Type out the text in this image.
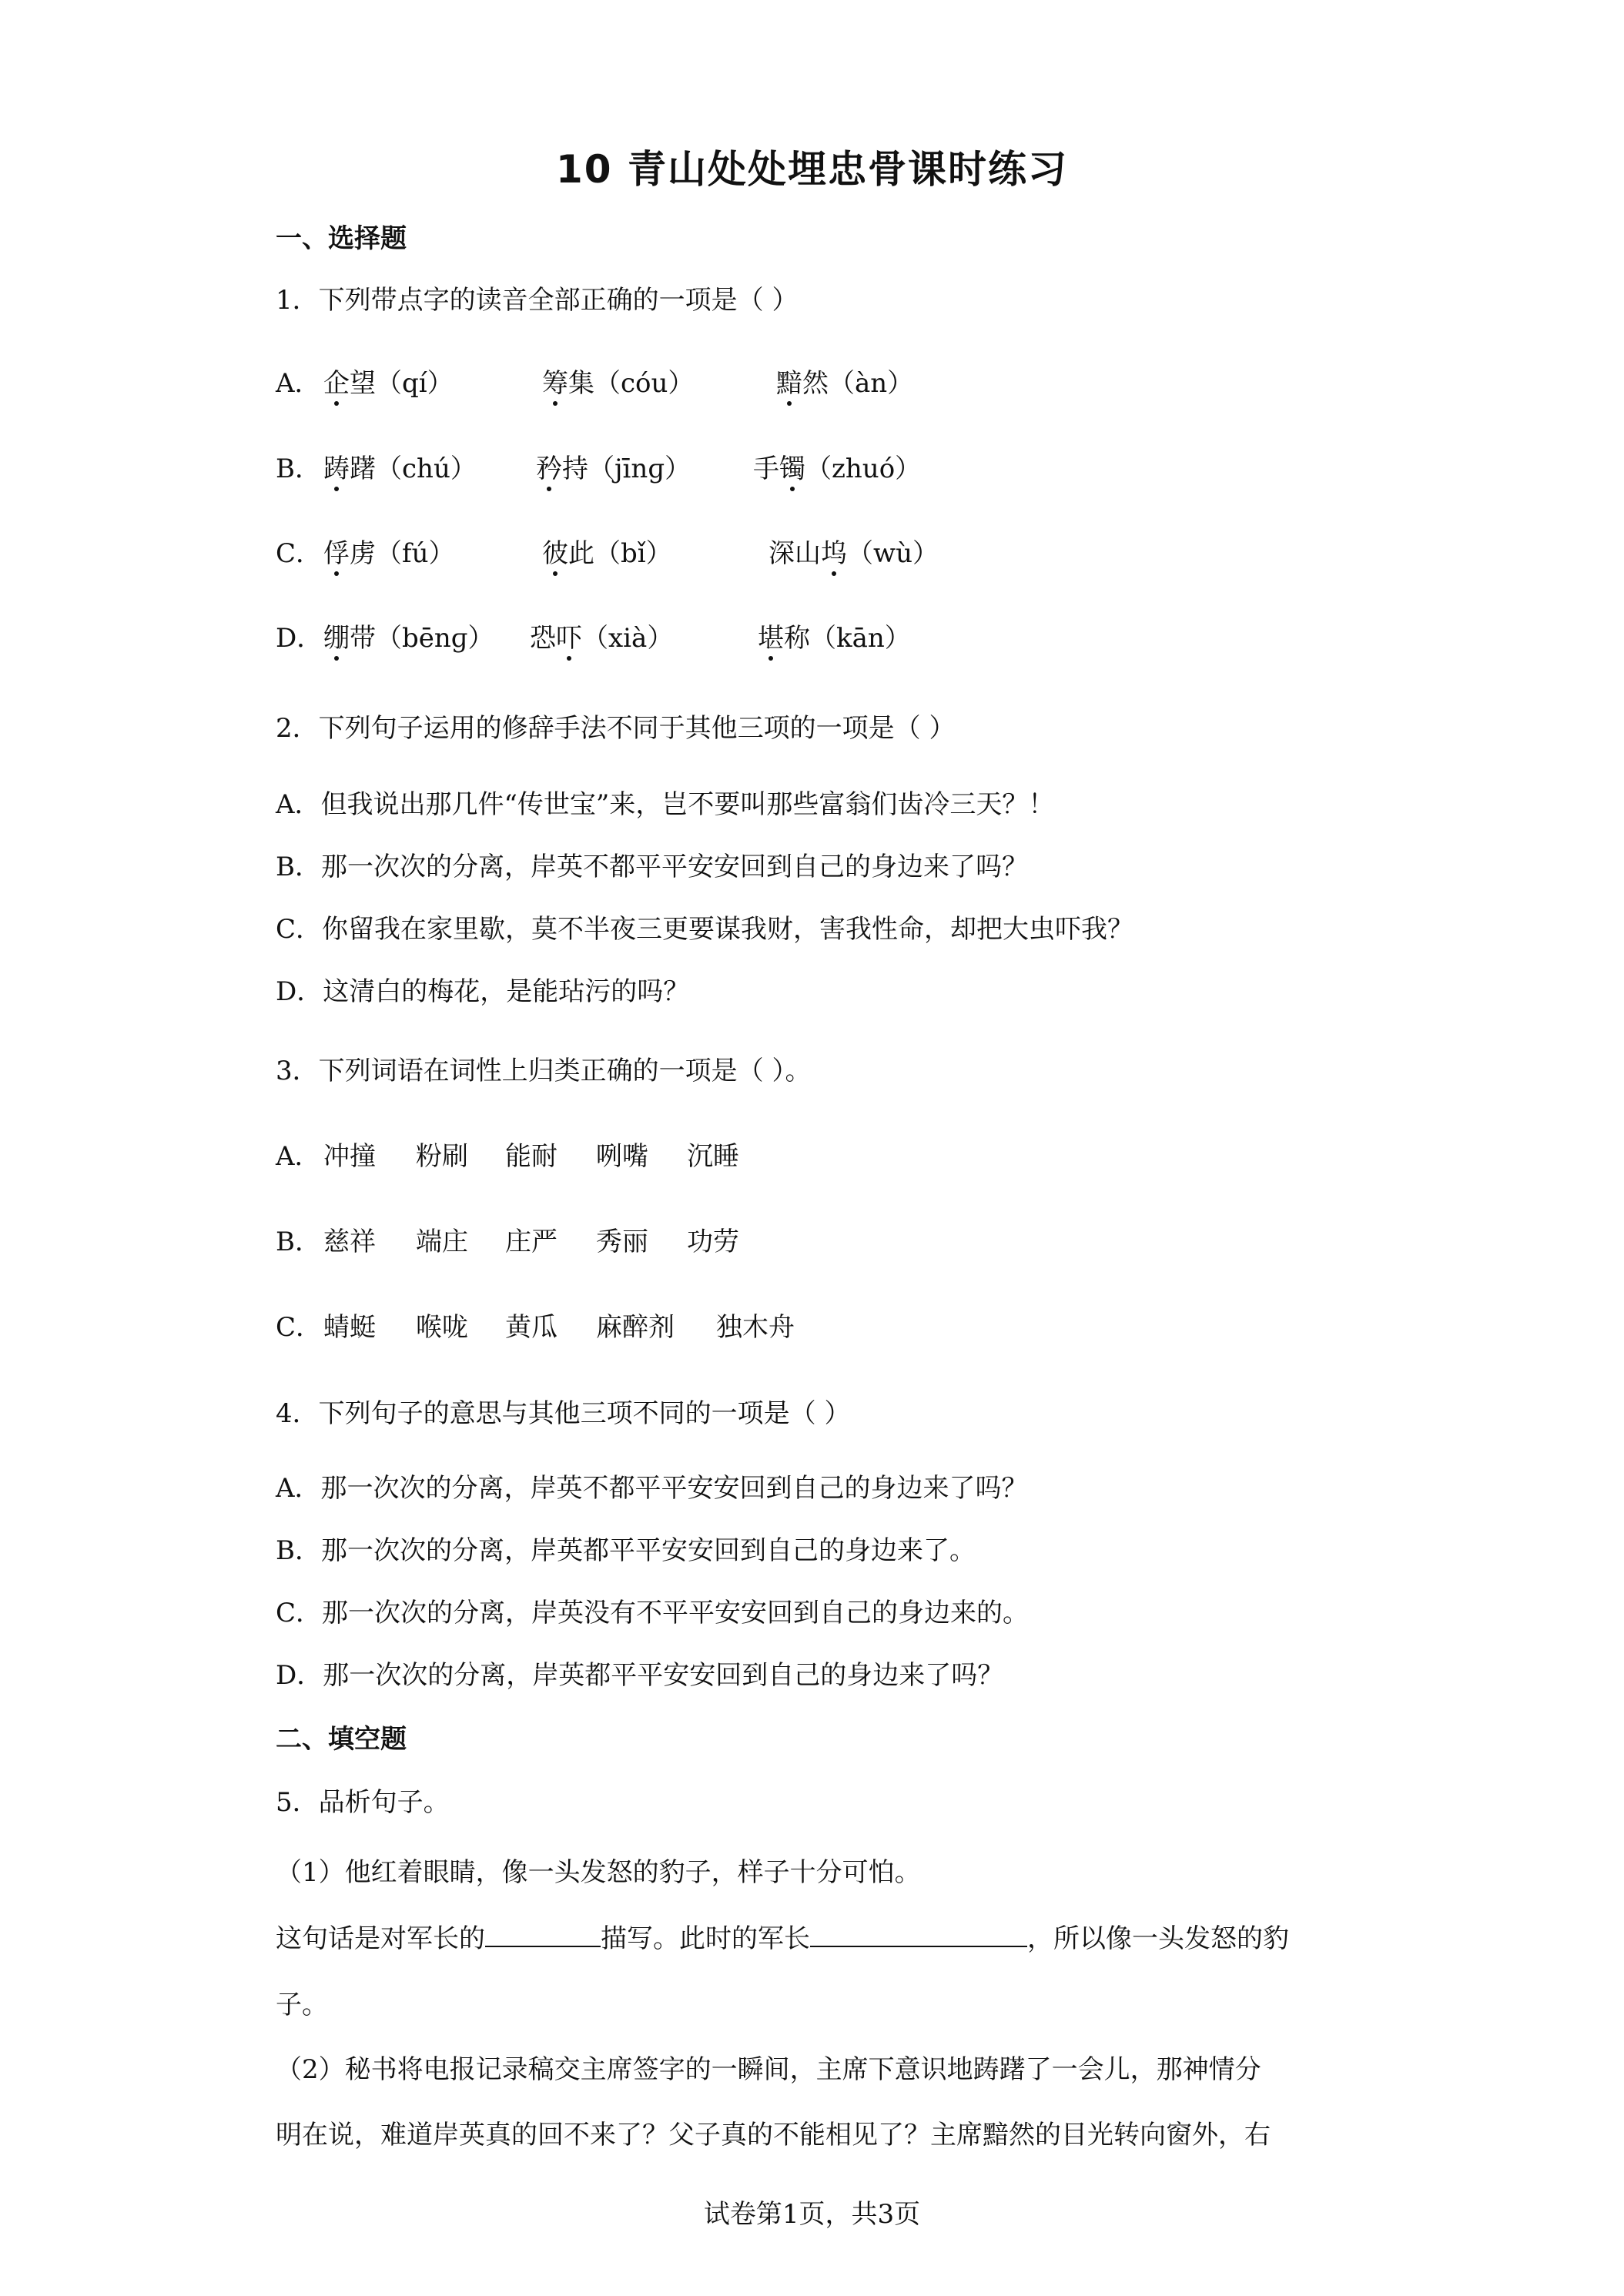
10 青山处处埋忠骨课时练习
一、选择题
1．下列带点字的读音全部正确的一项是（ ）
A． 企望（qí）	筹集（cóu）	黯然（àn）
B． 踌躇（chú） 矜持（jīnɡ） 手镯（zhuó）
C． 俘虏（fú）	彼此（bǐ）	深山坞（wù）
D． 绷带（bēnɡ） 恐吓（xià）	堪称（kān）
2．下列句子运用的修辞手法不同于其他三项的一项是（ ）
A．但我说出那几件“传世宝”来，岂不要叫那些富翁们齿冷三天？！
B．那一次次的分离，岸英不都平平安安回到自己的身边来了吗？
C．你留我在家里歇，莫不半夜三更要谋我财，害我性命，却把大虫吓我？
D．这清白的梅花，是能玷污的吗？
3．下列词语在词性上归类正确的一项是（ ）。
A． 冲撞 粉刷 能耐 咧嘴 沉睡
B． 慈祥 端庄 庄严 秀丽 功劳
C． 蜻蜓 喉咙 黄瓜 麻醉剂 独木舟
4．下列句子的意思与其他三项不同的一项是（ ）
A．那一次次的分离，岸英不都平平安安回到自己的身边来了吗？
B．那一次次的分离，岸英都平平安安回到自己的身边来了。
C．那一次次的分离，岸英没有不平平安安回到自己的身边来的。
D．那一次次的分离，岸英都平平安安回到自己的身边来了吗？
二、填空题
5．品析句子。
（1）他红着眼睛，像一头发怒的豹子，样子十分可怕。
这句话是对军长的	描写。此时的军长	，所以像一头发怒的豹
子。
（2）秘书将电报记录稿交主席签字的一瞬间，主席下意识地踌躇了一会儿，那神情分
明在说，难道岸英真的回不来了？父子真的不能相见了？主席黯然的目光转向窗外，右
试卷第1页，共3页
